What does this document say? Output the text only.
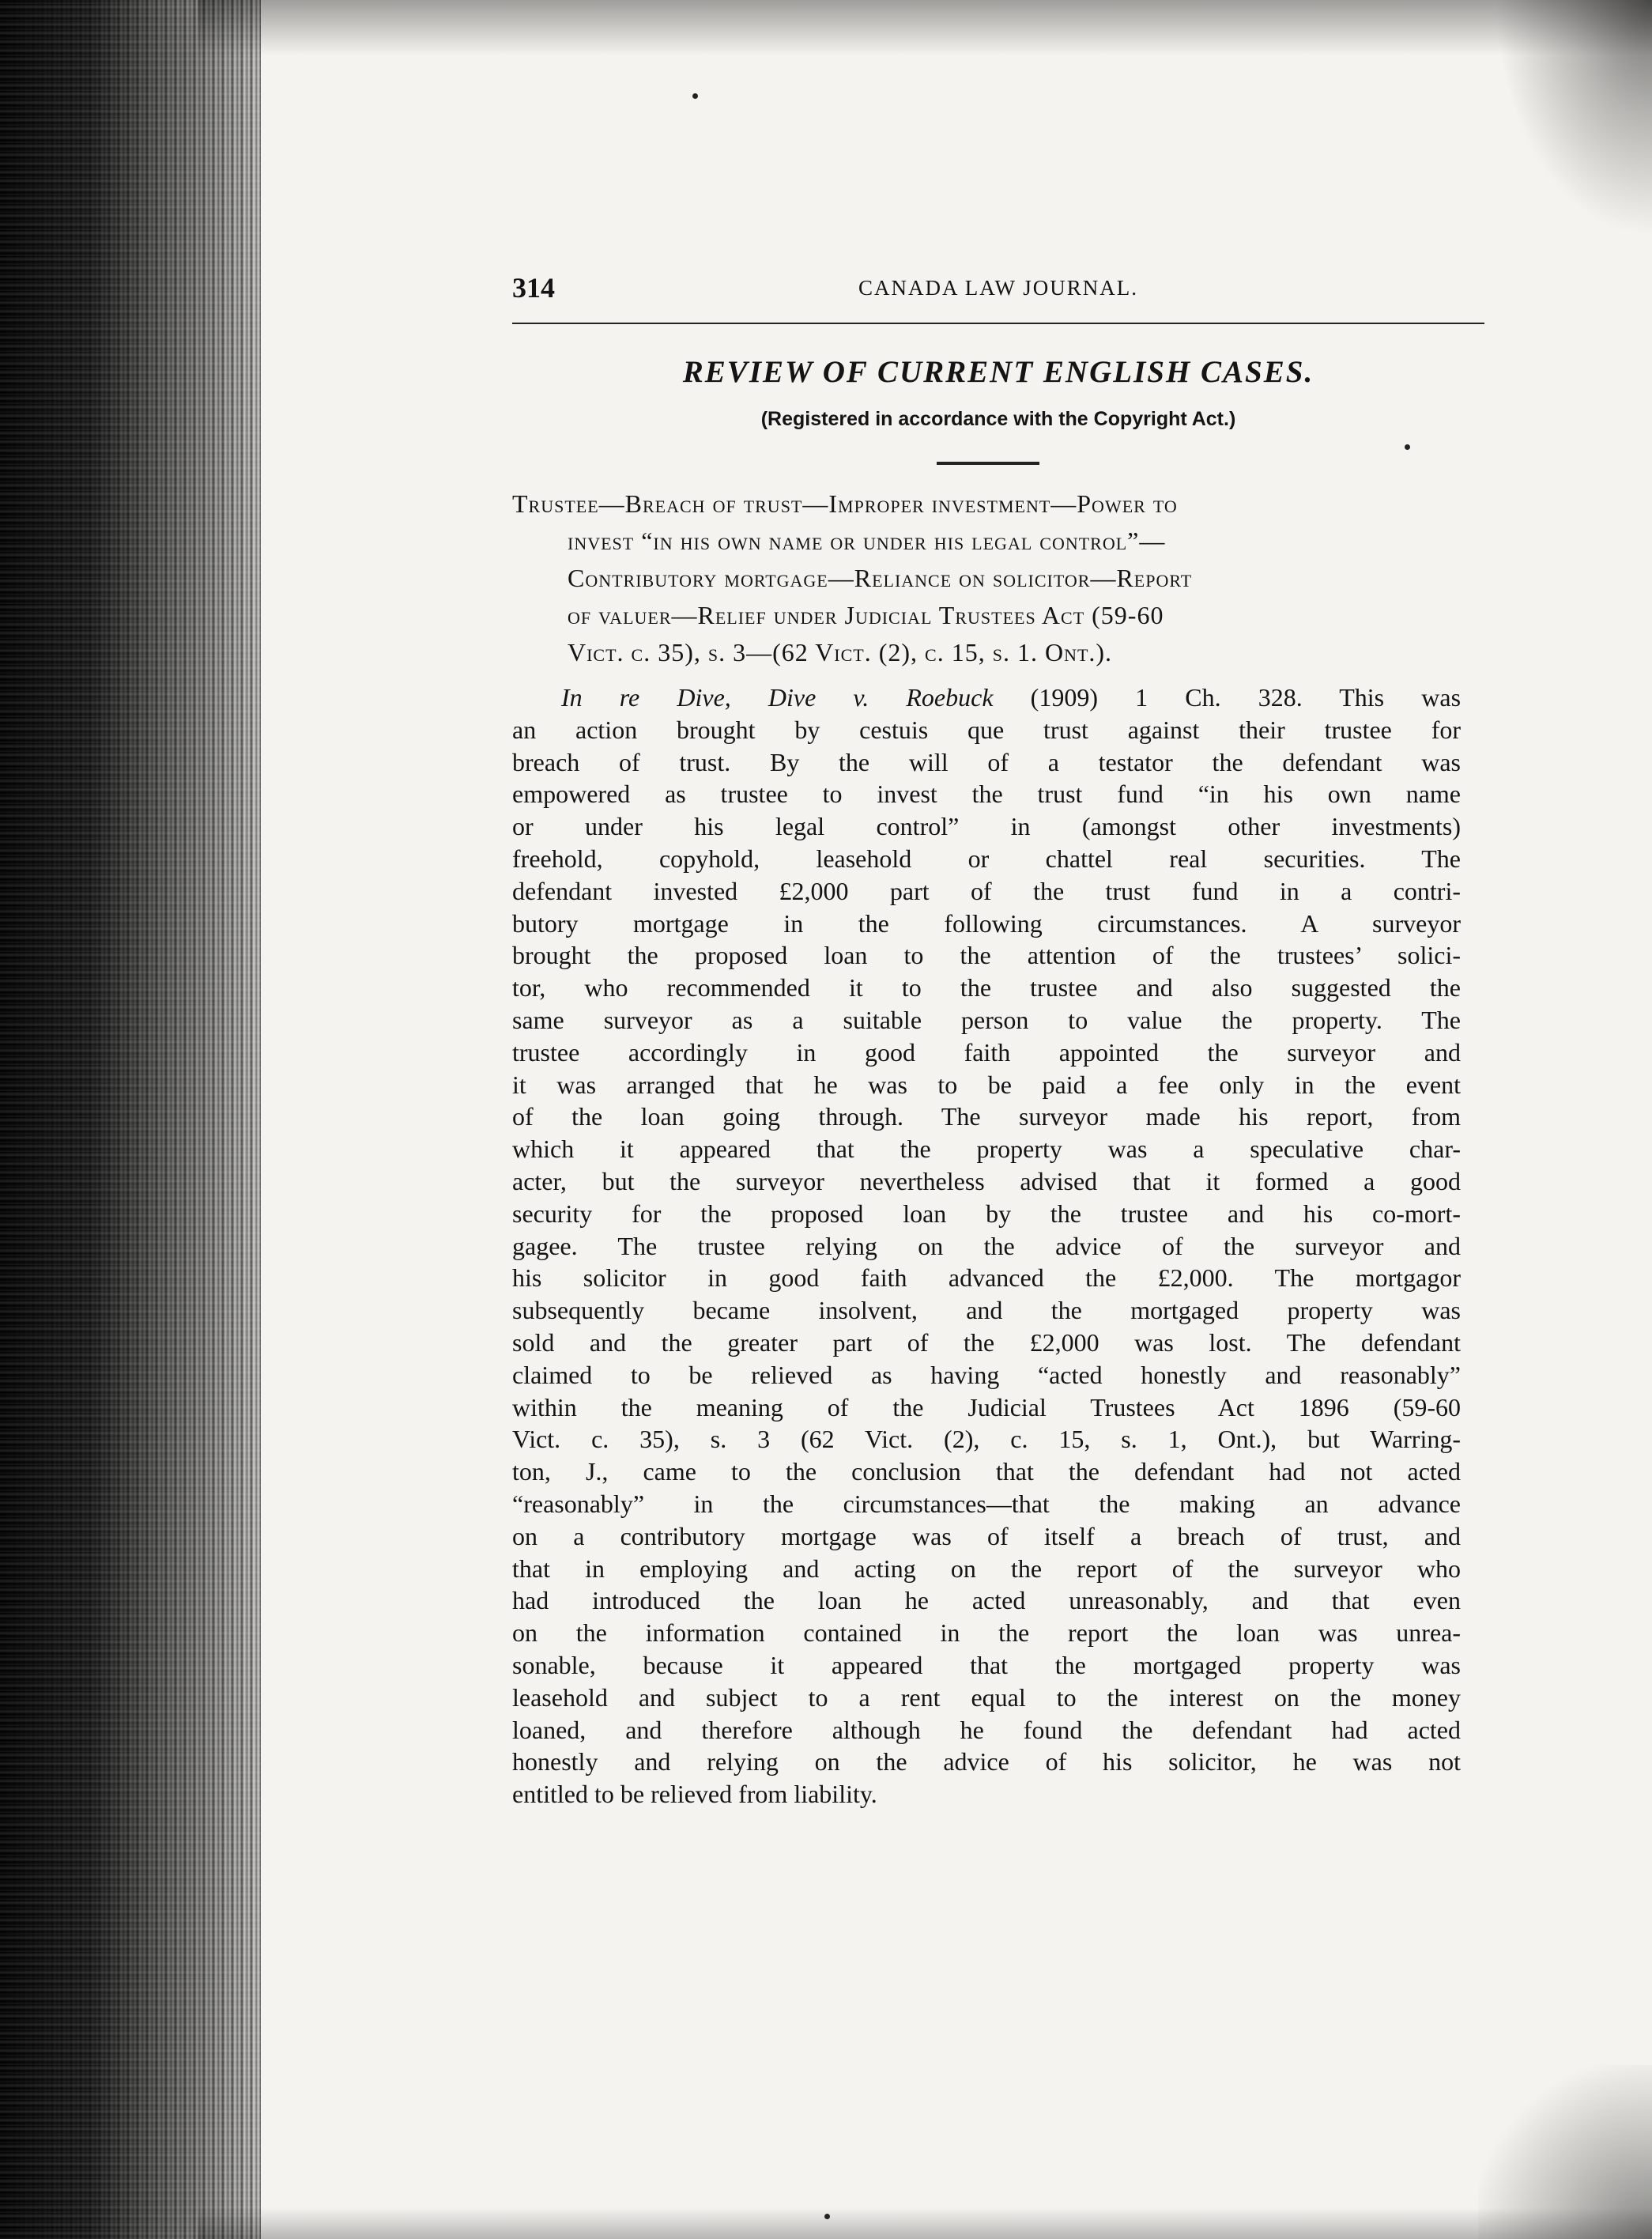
314	CANADA LAW JOURNAL.
REVIEW OF CURRENT ENGLISH CASES.
(Registered in accordance with the Copyright Act.)
Trustee—Breach of trust—Improper investment—Power to
invest “in his own name or under his legal control”—
Contributory mortgage—Reliance on solicitor—Report
of valuer—Relief under Judicial Trustees Act (59-60
Vict. c. 35), s. 3—(62 Vict. (2), c. 15, s. 1. Ont.).
In re Dive, Dive v. Roebuck (1909) 1 Ch. 328. This was
an action brought by cestuis que trust against their trustee for
breach of trust. By the will of a testator the defendant was
empowered as trustee to invest the trust fund “in his own name
or under his legal control” in (amongst other investments)
freehold, copyhold, leasehold or chattel real securities. The
defendant invested £2,000 part of the trust fund in a contri-
butory mortgage in the following circumstances. A surveyor
brought the proposed loan to the attention of the trustees’ solici-
tor, who recommended it to the trustee and also suggested the
same surveyor as a suitable person to value the property. The
trustee accordingly in good faith appointed the surveyor and
it was arranged that he was to be paid a fee only in the event
of the loan going through. The surveyor made his report, from
which it appeared that the property was a speculative char-
acter, but the surveyor nevertheless advised that it formed a good
security for the proposed loan by the trustee and his co-mort-
gagee. The trustee relying on the advice of the surveyor and
his solicitor in good faith advanced the £2,000. The mortgagor
subsequently became insolvent, and the mortgaged property was
sold and the greater part of the £2,000 was lost. The defendant
claimed to be relieved as having “acted honestly and reasonably”
within the meaning of the Judicial Trustees Act 1896 (59-60
Vict. c. 35), s. 3 (62 Vict. (2), c. 15, s. 1, Ont.), but Warring-
ton, J., came to the conclusion that the defendant had not acted
“reasonably” in the circumstances—that the making an advance
on a contributory mortgage was of itself a breach of trust, and
that in employing and acting on the report of the surveyor who
had introduced the loan he acted unreasonably, and that even
on the information contained in the report the loan was unrea-
sonable, because it appeared that the mortgaged property was
leasehold and subject to a rent equal to the interest on the money
loaned, and therefore although he found the defendant had acted
honestly and relying on the advice of his solicitor, he was not
entitled to be relieved from liability.
